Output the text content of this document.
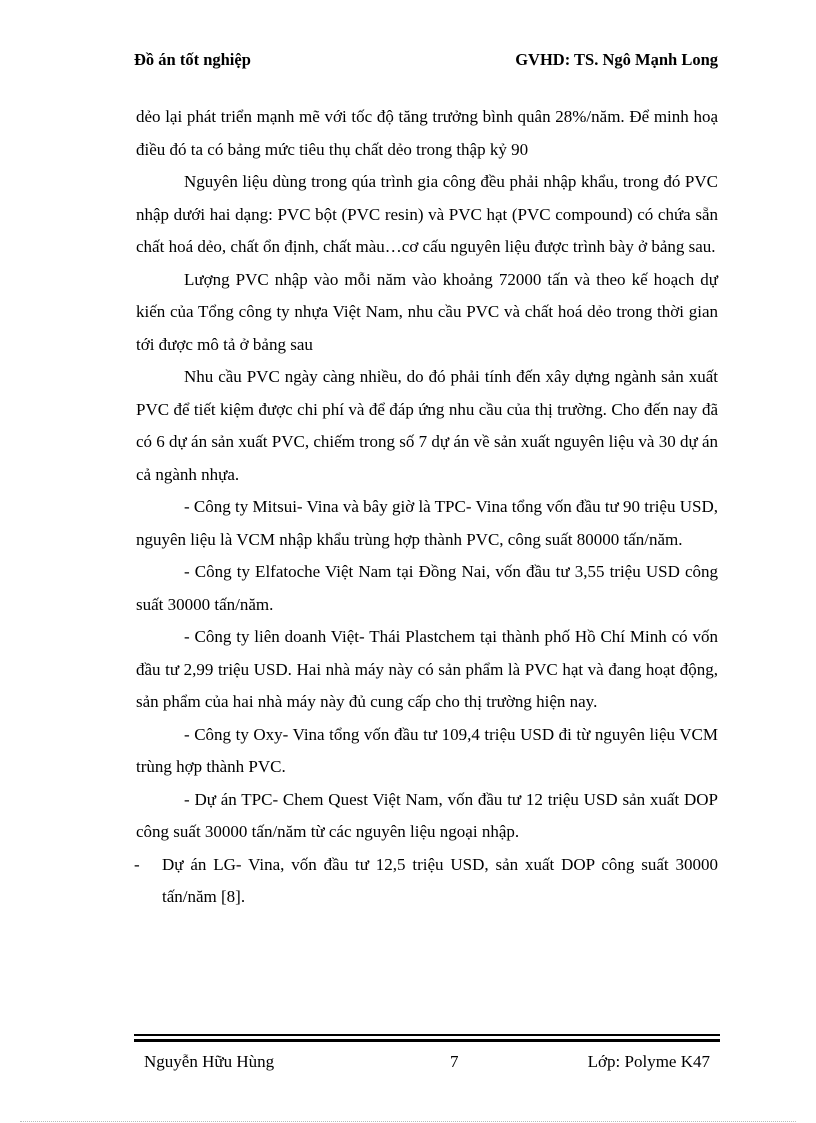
Đồ án tốt nghiệp	GVHD: TS. Ngô Mạnh Long

dẻo lại phát triển mạnh mẽ với tốc độ tăng trưởng bình quân 28%/năm. Để minh hoạ điều đó ta có bảng mức tiêu thụ chất dẻo trong thập kỷ 90

Nguyên liệu dùng trong qúa trình gia công đều phải nhập khẩu, trong đó PVC nhập dưới hai dạng: PVC bột (PVC resin) và PVC hạt (PVC compound) có chứa sẵn chất hoá dẻo, chất ổn định, chất màu…cơ cấu nguyên liệu được trình bày ở bảng sau.

Lượng PVC nhập vào mỗi năm vào khoảng 72000 tấn và theo kế hoạch dự kiến của Tổng công ty nhựa Việt Nam, nhu cầu PVC và chất hoá dẻo trong thời gian tới được mô tả ở bảng sau

Nhu cầu PVC ngày càng nhiều, do đó phải tính đến xây dựng ngành sản xuất PVC để tiết kiệm được chi phí và để đáp ứng nhu cầu của thị trường. Cho đến nay đã có 6 dự án sản xuất PVC, chiếm trong số 7 dự án về sản xuất nguyên liệu và 30 dự án cả ngành nhựa.

- Công ty Mitsui- Vina và bây giờ là TPC- Vina tổng vốn đầu tư 90 triệu USD, nguyên liệu là VCM nhập khẩu trùng hợp thành PVC, công suất 80000 tấn/năm.

- Công ty Elfatoche Việt Nam tại Đồng Nai, vốn đầu tư 3,55 triệu USD công suất 30000 tấn/năm.

- Công ty liên doanh Việt- Thái Plastchem tại thành phố Hồ Chí Minh có vốn đầu tư 2,99 triệu USD. Hai nhà máy này có sản phẩm là PVC hạt và đang hoạt động, sản phẩm của hai nhà máy này đủ cung cấp cho thị trường hiện nay.

- Công ty Oxy- Vina tổng vốn đầu tư 109,4 triệu USD đi từ nguyên liệu VCM trùng hợp thành PVC.

- Dự án TPC- Chem Quest Việt Nam, vốn đầu tư 12 triệu USD sản xuất DOP công suất 30000 tấn/năm từ các nguyên liệu ngoại nhập.

- Dự án LG- Vina, vốn đầu tư 12,5 triệu USD, sản xuất DOP công suất 30000 tấn/năm [8].

Nguyễn Hữu Hùng	7	Lớp: Polyme K47
